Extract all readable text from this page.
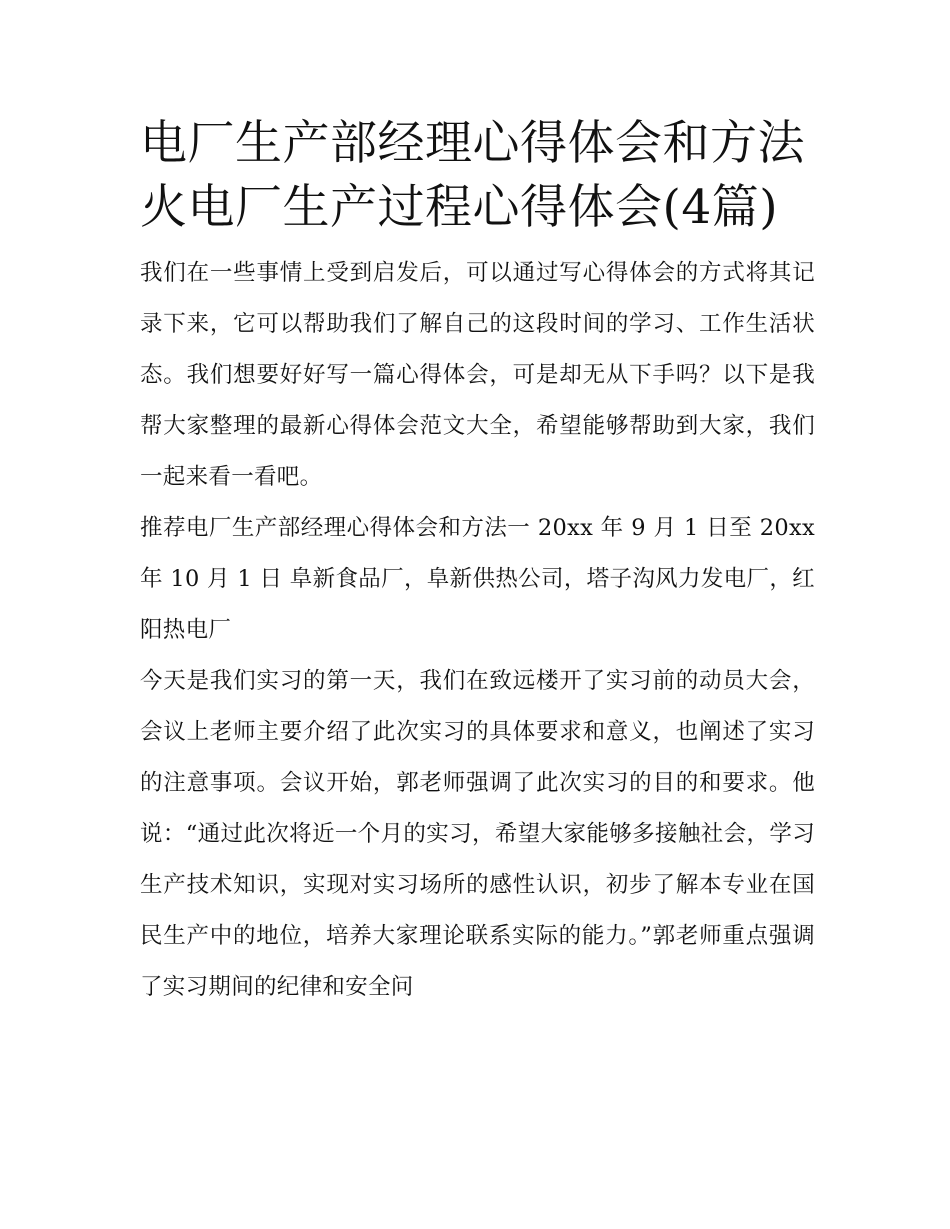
电厂生产部经理心得体会和方法 火电厂生产过程心得体会(4篇)

我们在一些事情上受到启发后，可以通过写心得体会的方式将其记录下来，它可以帮助我们了解自己的这段时间的学习、工作生活状态。我们想要好好写一篇心得体会，可是却无从下手吗？以下是我帮大家整理的最新心得体会范文大全，希望能够帮助到大家，我们一起来看一看吧。

推荐电厂生产部经理心得体会和方法一 20xx 年 9 月 1 日至 20xx 年 10 月 1 日 阜新食品厂，阜新供热公司，塔子沟风力发电厂，红阳热电厂

今天是我们实习的第一天，我们在致远楼开了实习前的动员大会，会议上老师主要介绍了此次实习的具体要求和意义，也阐述了实习的注意事项。会议开始，郭老师强调了此次实习的目的和要求。他说：“通过此次将近一个月的实习，希望大家能够多接触社会，学习生产技术知识，实现对实习场所的感性认识，初步了解本专业在国民生产中的地位，培养大家理论联系实际的能力。”郭老师重点强调了实习期间的纪律和安全问
